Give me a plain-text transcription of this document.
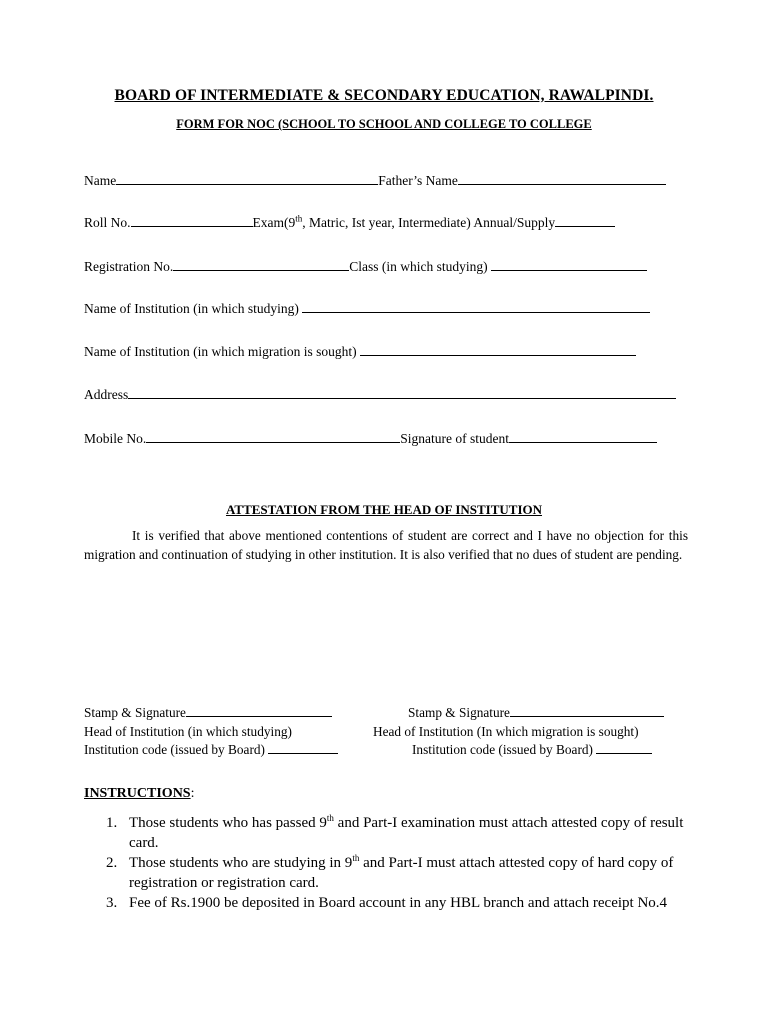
BOARD OF INTERMEDIATE & SECONDARY EDUCATION, RAWALPINDI.
FORM FOR NOC (SCHOOL TO SCHOOL AND COLLEGE TO COLLEGE
Name	Father’s Name
Roll No.	Exam(9th, Matric, Ist year, Intermediate) Annual/Supply
Registration No.	Class (in which studying)
Name of Institution (in which studying)
Name of Institution (in which migration is sought)
Address
Mobile No.	Signature of student
ATTESTATION FROM THE HEAD OF INSTITUTION
It is verified that above mentioned contentions of student are correct and I have no objection for this migration and continuation of studying in other institution. It is also verified that no dues of student are pending.
Stamp & Signature
Head of Institution (in which studying)
Institution code (issued by Board)
Stamp & Signature
Head of Institution (In which migration is sought)
Institution code (issued by Board)
INSTRUCTIONS:
1. Those students who has passed 9th and Part-I examination must attach attested copy of result card.
2. Those students who are studying in 9th and Part-I must attach attested copy of hard copy of registration or registration card.
3. Fee of Rs.1900 be deposited in Board account in any HBL branch and attach receipt No.4
